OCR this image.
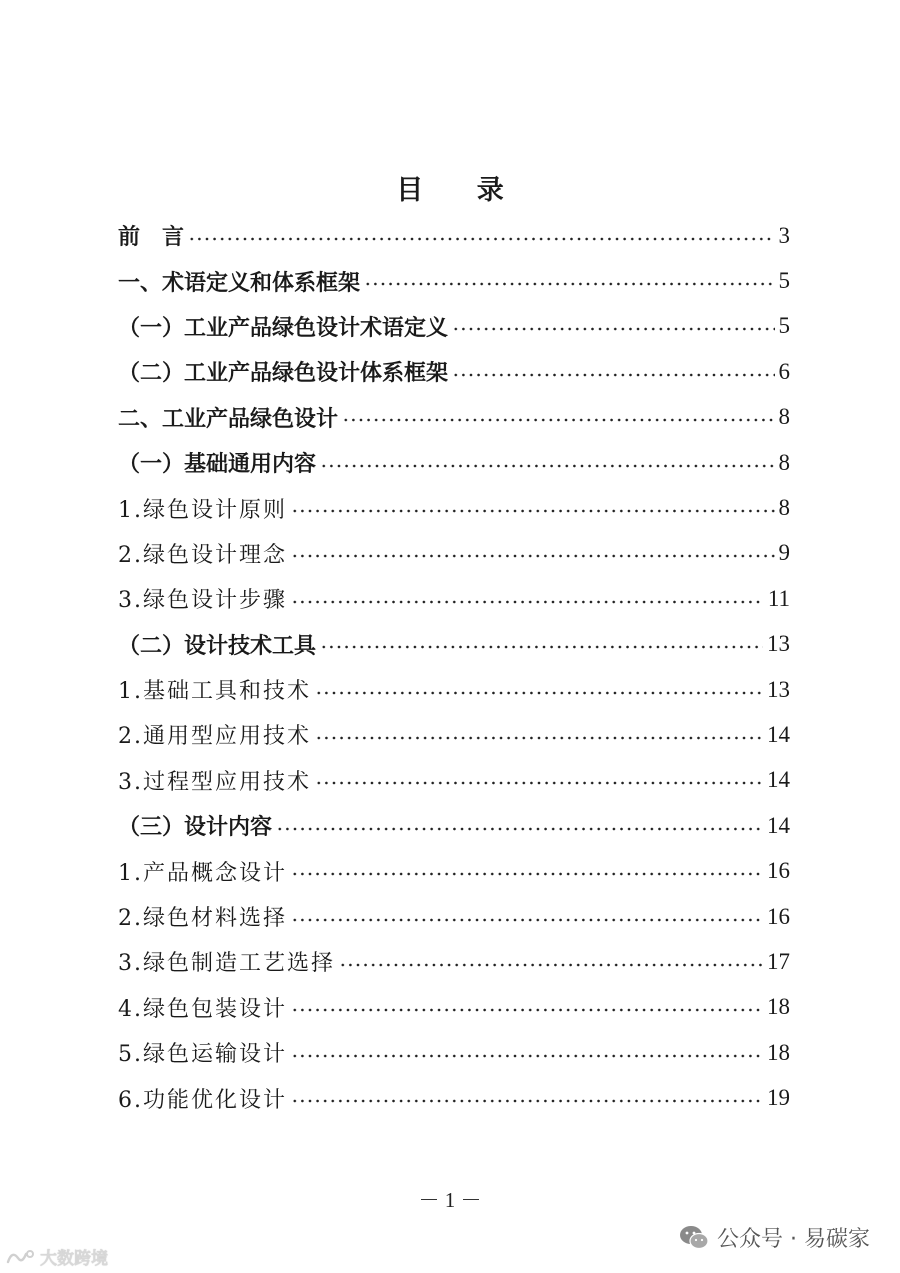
目 录
前　言	3
一、术语定义和体系框架	5
（一）工业产品绿色设计术语定义	5
（二）工业产品绿色设计体系框架	6
二、工业产品绿色设计	8
（一）基础通用内容	8
1.绿色设计原则	8
2.绿色设计理念	9
3.绿色设计步骤	11
（二）设计技术工具	13
1.基础工具和技术	13
2.通用型应用技术	14
3.过程型应用技术	14
（三）设计内容	14
1.产品概念设计	16
2.绿色材料选择	16
3.绿色制造工艺选择	17
4.绿色包装设计	18
5.绿色运输设计	18
6.功能优化设计	19
－ 1 －
大数跨境
公众号 · 易碳家
